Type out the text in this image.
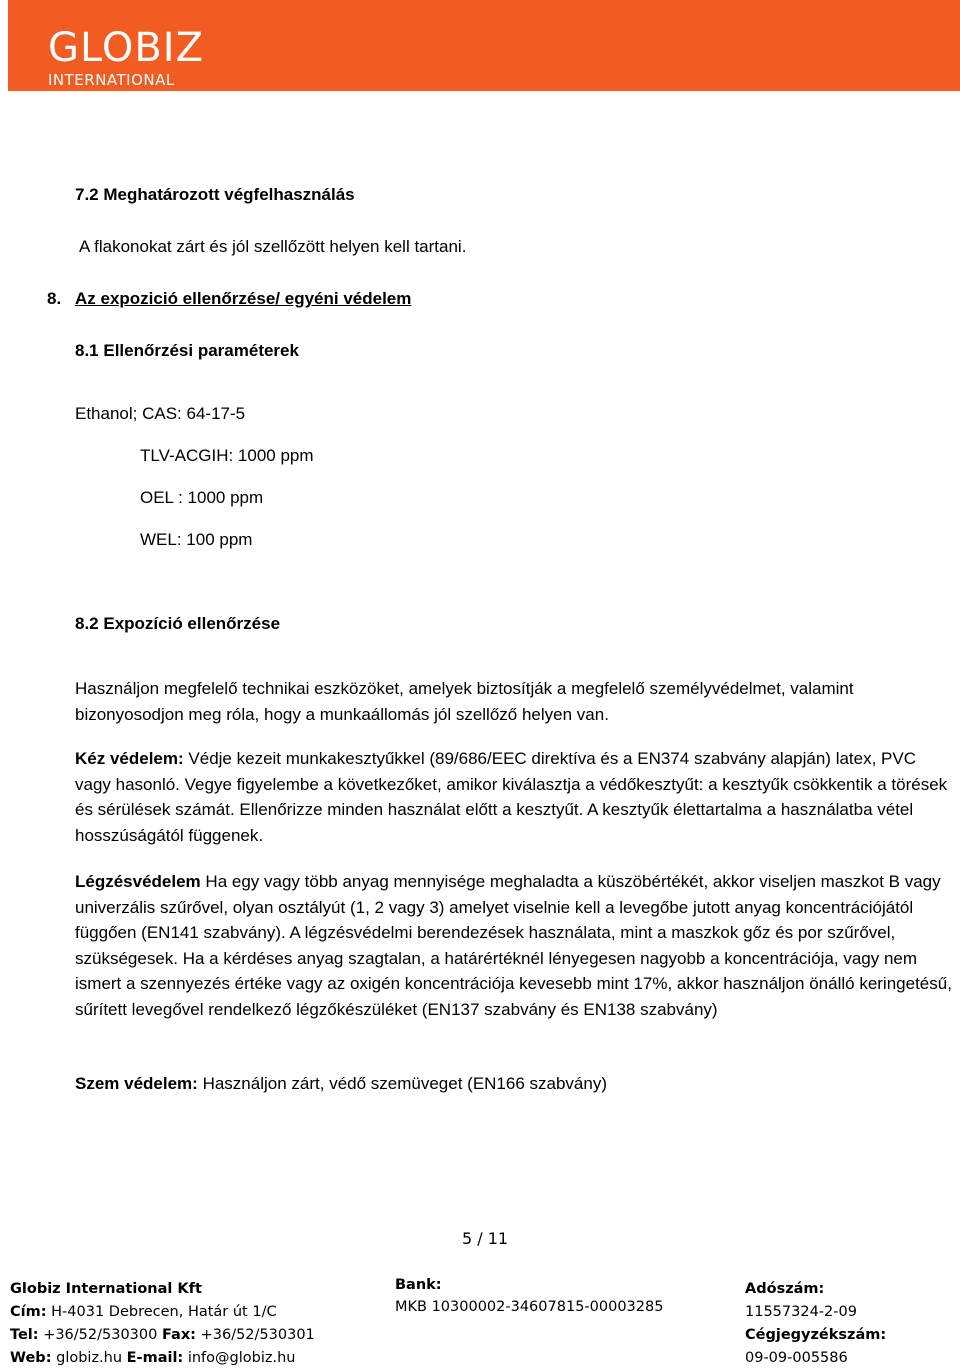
GLOBIZ
INTERNATIONAL
7.2 Meghatározott végfelhasználás
A flakonokat zárt és jól szellőzött helyen kell tartani.
8. Az expozició ellenőrzése/ egyéni védelem
8.1 Ellenőrzési paraméterek
Ethanol; CAS: 64-17-5
TLV-ACGIH: 1000 ppm
OEL : 1000 ppm
WEL: 100 ppm
8.2 Expozíció ellenőrzése
Használjon megfelelő technikai eszközöket, amelyek biztosítják a megfelelő személyvédelmet, valamint bizonyosodjon meg róla, hogy a munkaállomás jól szellőző helyen van.
Kéz védelem: Védje kezeit munkakesztyűkkel (89/686/EEC direktíva és a EN374 szabvány alapján) latex, PVC vagy hasonló. Vegye figyelembe a következőket, amikor kiválasztja a védőkesztyűt: a kesztyűk csökkentik a törések és sérülések számát. Ellenőrizze minden használat előtt a kesztyűt. A kesztyűk élettartalma a használatba vétel hosszúságától függenek.
Légzésvédelem Ha egy vagy több anyag mennyisége meghaladta a küszöbértékét, akkor viseljen maszkot B vagy univerzális szűrővel, olyan osztályút (1, 2 vagy 3) amelyet viselnie kell a levegőbe jutott anyag koncentrációjától függően (EN141 szabvány). A légzésvédelmi berendezések használata, mint a maszkok gőz és por szűrővel, szükségesek. Ha a kérdéses anyag szagtalan, a határértéknél lényegesen nagyobb a koncentrációja, vagy nem ismert a szennyezés értéke vagy az oxigén koncentrációja kevesebb mint 17%, akkor használjon önálló keringetésű, sűrített levegővel rendelkező légzőkészüléket (EN137 szabvány és EN138 szabvány)
Szem védelem: Használjon zárt, védő szemüveget (EN166 szabvány)
5 / 11
Globiz International Kft
Cím: H-4031 Debrecen, Határ út 1/C
Tel: +36/52/530300 Fax: +36/52/530301
Web: globiz.hu E-mail: info@globiz.hu
Bank:
MKB 10300002-34607815-00003285
Adószám:
11557324-2-09
Cégjegyzékszám:
09-09-005586
